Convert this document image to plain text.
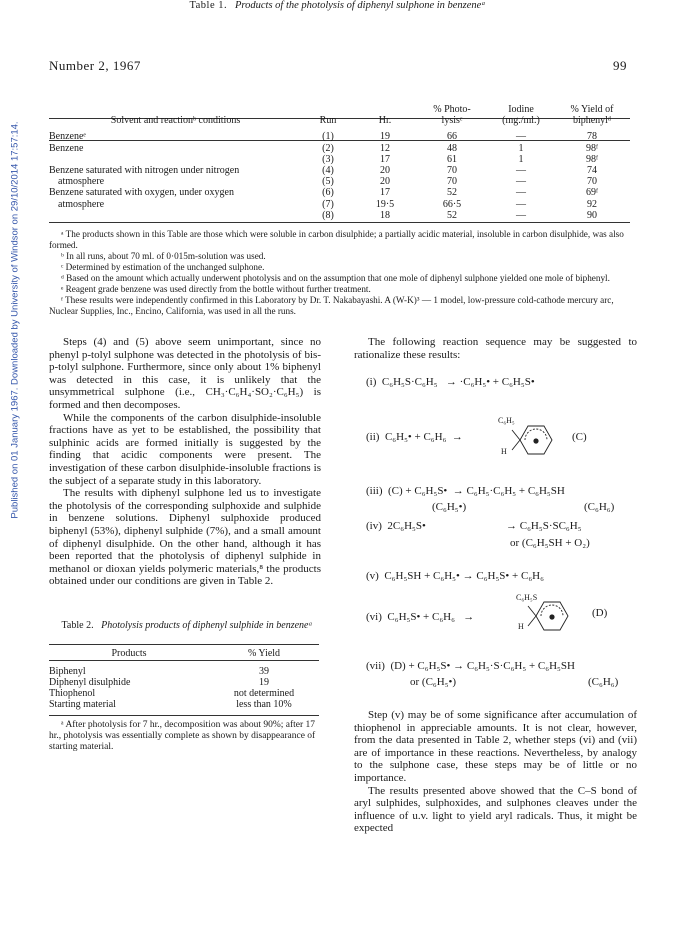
Number 2, 1967	99
Published on 01 January 1967. Downloaded by University of Windsor on 29/10/2014 17:57:14.
Table 1. Products of the photolysis of diphenyl sulphone in benzeneᵃ
			% Photo-	Iodine	% Yield of
Solvent and reactionᵇ conditions	Run	Hr.	lysisᶜ	(mg./ml.)	biphenylᵈ

Benzeneᵉ	(1)	19	66	—	78
Benzene	(2)	12	48	1	98ᶠ
	(3)	17	61	1	98ᶠ
Benzene saturated with nitrogen under nitrogen	(4)	20	70	—	74
atmosphere	(5)	20	70	—	70
Benzene saturated with oxygen, under oxygen	(6)	17	52	—	69ᶠ
atmosphere	(7)	19·5	66·5	—	92
	(8)	18	52	—	90

ᵃ The products shown in this Table are those which were soluble in carbon disulphide; a partially acidic material, insoluble in carbon disulphide, was also formed.

ᵇ In all runs, about 70 ml. of 0·015m-solution was used.

ᶜ Determined by estimation of the unchanged sulphone.

ᵈ Based on the amount which actually underwent photolysis and on the assumption that one mole of diphenyl sulphone yielded one mole of biphenyl.

ᵉ Reagent grade benzene was used directly from the bottle without further treatment.

ᶠ These results were independently confirmed in this Laboratory by Dr. T. Nakabayashi. A (W-K)³ — 1 model, low-pressure cold-cathode mercury arc, Nuclear Supplies, Inc., Encino, California, was used in all the runs.

Steps (4) and (5) above seem unimportant, since no phenyl p-tolyl sulphone was detected in the photolysis of bis-p-tolyl sulphone. Furthermore, since only about 1% biphenyl was detected in this case, it is unlikely that the unsymmetrical sulphone (i.e., CH₃·C₆H₄·SO₂·C₆H₅) is formed and then decomposes.

While the components of the carbon disulphide-insoluble fractions have as yet to be established, the possibility that sulphinic acids are formed initially is suggested by the finding that acidic components were present. The investigation of these carbon disulphide-insoluble fractions is the subject of a separate study in this laboratory.

The results with diphenyl sulphone led us to investigate the photolysis of the corresponding sulphoxide and sulphide in benzene solutions. Diphenyl sulphoxide produced biphenyl (53%), diphenyl sulphide (7%), and a small amount of diphenyl disulphide. On the other hand, although it has been reported that the photolysis of diphenyl sulphide in methanol or dioxan yields polymeric materials,⁸ the products obtained under our conditions are given in Table 2.

Table 2. Photolysis products of diphenyl sulphide in benzeneᵃ
Products	% Yield

Biphenyl	39
Diphenyl disulphide	19
Thiophenol	not determined
Starting material	less than 10%

ᵃ After photolysis for 7 hr., decomposition was about 90%; after 17 hr., photolysis was essentially complete as shown by disappearance of starting material.

The following reaction sequence may be suggested to rationalize these results:

(i) C₆H₅S·C₆H₅ → ·C₆H₅• + C₆H₅S•
(ii) C₆H₅• + C₆H₆ →
C₆H₅
H
(C)
(iii) (C) + C₆H₅S• → C₆H₅·C₆H₅ + C₆H₅SH
(C₆H₅•)	(C₆H₆)
(iv) 2C₆H₅S•	→ C₆H₅S·SC₆H₅
or (C₆H₅SH + O₂)
(v) C₆H₅SH + C₆H₅• → C₆H₅S• + C₆H₆
(vi) C₆H₅S• + C₆H₆ →
C₆H₅S
H
(D)
(vii) (D) + C₆H₅S• → C₆H₅·S·C₆H₅ + C₆H₅SH
or (C₆H₅•)	(C₆H₆)

Step (v) may be of some significance after accumulation of thiophenol in appreciable amounts. It is not clear, however, from the data presented in Table 2, whether steps (vi) and (vii) are of importance in these reactions. Nevertheless, by analogy to the sulphone case, these steps may be of little or no importance.

The results presented above showed that the C–S bond of aryl sulphides, sulphoxides, and sulphones cleaves under the influence of u.v. light to yield aryl radicals. Thus, it might be expected
